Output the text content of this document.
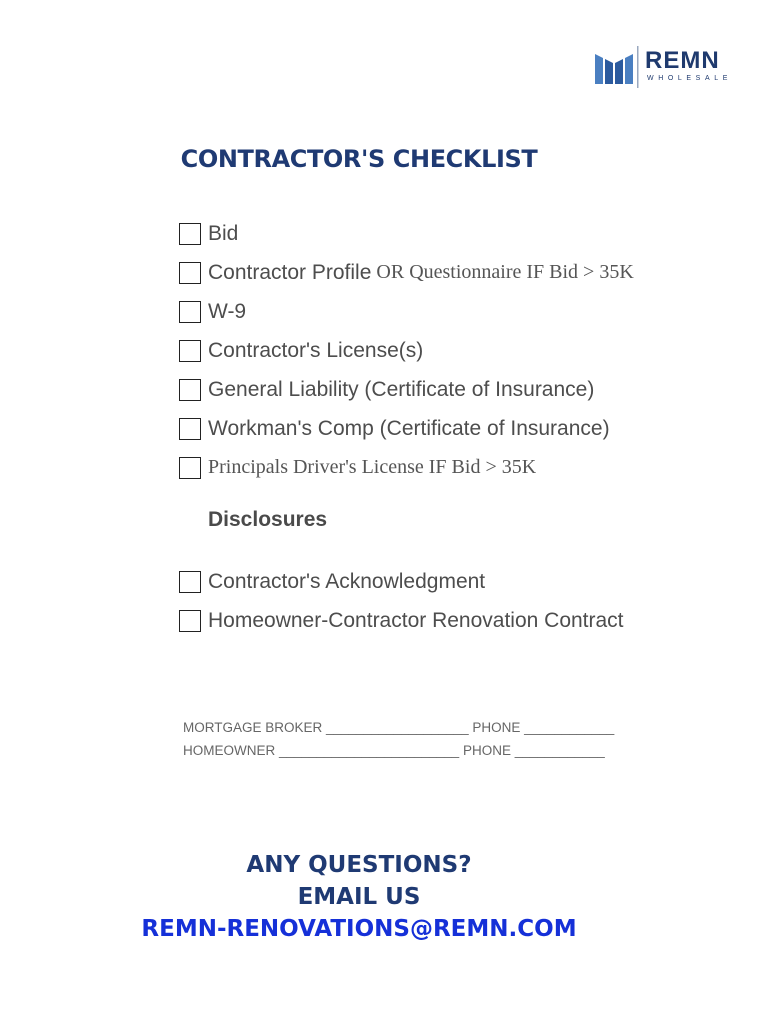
REMN
WHOLESALE
CONTRACTOR'S CHECKLIST
Bid
Contractor Profile OR Questionnaire IF Bid > 35K
W-9
Contractor's License(s)
General Liability (Certificate of Insurance)
Workman's Comp (Certificate of Insurance)
Principals Driver's License IF Bid > 35K
Disclosures
Contractor's Acknowledgment
Homeowner-Contractor Renovation Contract
MORTGAGE BROKER ___________________ PHONE ____________
HOMEOWNER ________________________ PHONE ____________
ANY QUESTIONS?
EMAIL US
REMN-RENOVATIONS@REMN.COM
